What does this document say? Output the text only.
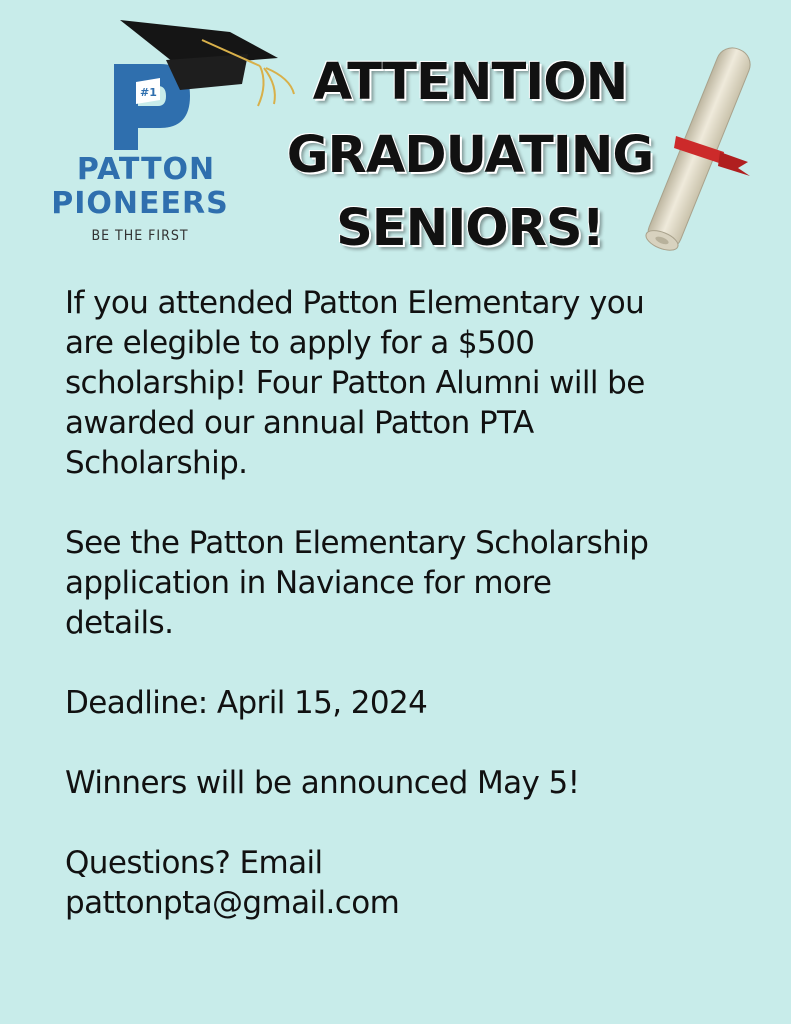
#1
PATTON
PIONEERS
BE THE FIRST
ATTENTION
GRADUATING
SENIORS!
If you attended Patton Elementary you
are elegible to apply for a $500
scholarship! Four Patton Alumni will be
awarded our annual Patton PTA
Scholarship.
See the Patton Elementary Scholarship
application in Naviance for more
details.
Deadline: April 15, 2024
Winners will be announced May 5!
Questions? Email
pattonpta@gmail.com
